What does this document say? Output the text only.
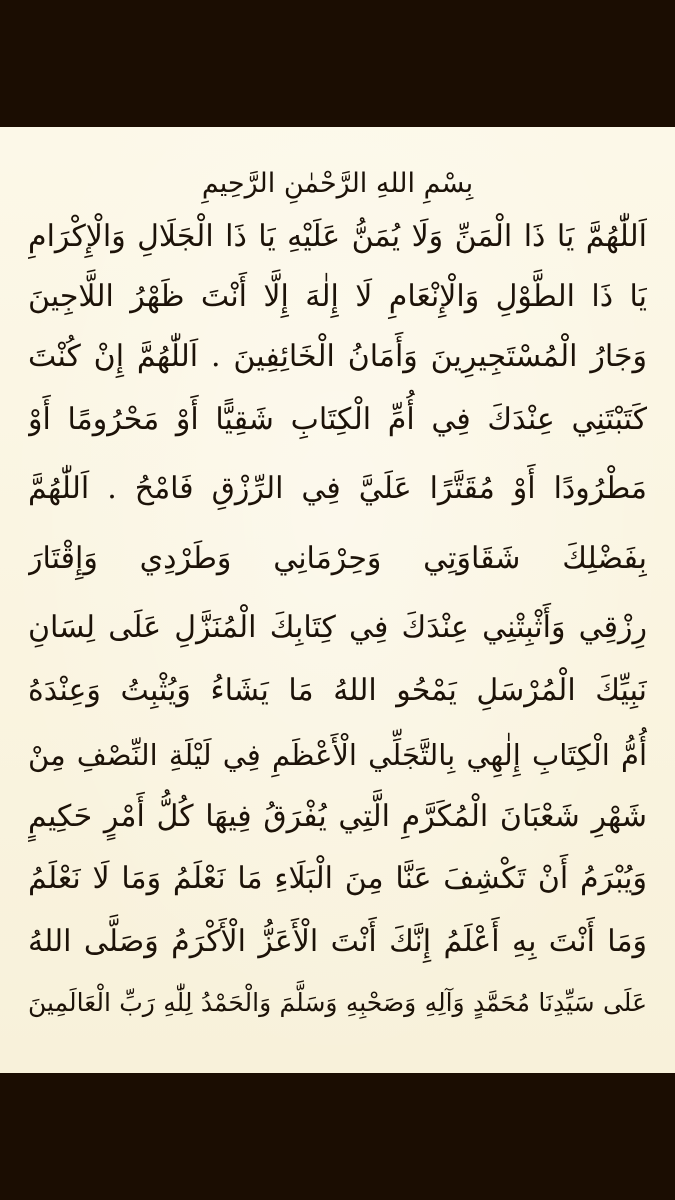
بِسْمِ اللهِ الرَّحْمٰنِ الرَّحِيمِ
اَللّٰهُمَّ يَا ذَا الْمَنِّ وَلَا يُمَنُّ عَلَيْهِ يَا ذَا الْجَلَالِ وَالْإِكْرَامِ
يَا ذَا الطَّوْلِ وَالْإِنْعَامِ لَا إِلٰهَ إِلَّا أَنْتَ ظَهْرُ اللَّاجِينَ
وَجَارُ الْمُسْتَجِيرِينَ وَأَمَانُ الْخَائِفِينَ . اَللّٰهُمَّ إِنْ كُنْتَ
كَتَبْتَنِي عِنْدَكَ فِي أُمِّ الْكِتَابِ شَقِيًّا أَوْ مَحْرُومًا أَوْ
مَطْرُودًا أَوْ مُقَتَّرًا عَلَيَّ فِي الرِّزْقِ فَامْحُ . اَللّٰهُمَّ
بِفَضْلِكَ شَقَاوَتِي وَحِرْمَانِي وَطَرْدِي وَإِقْتَارَ
رِزْقِي وَأَثْبِتْنِي عِنْدَكَ فِي كِتَابِكَ الْمُنَزَّلِ عَلَى لِسَانِ
نَبِيِّكَ الْمُرْسَلِ يَمْحُو اللهُ مَا يَشَاءُ وَيُثْبِتُ وَعِنْدَهُ
أُمُّ الْكِتَابِ إِلٰهِي بِالتَّجَلِّي الْأَعْظَمِ فِي لَيْلَةِ النِّصْفِ مِنْ
شَهْرِ شَعْبَانَ الْمُكَرَّمِ الَّتِي يُفْرَقُ فِيهَا كُلُّ أَمْرٍ حَكِيمٍ
وَيُبْرَمُ أَنْ تَكْشِفَ عَنَّا مِنَ الْبَلَاءِ مَا نَعْلَمُ وَمَا لَا نَعْلَمُ
وَمَا أَنْتَ بِهِ أَعْلَمُ إِنَّكَ أَنْتَ الْأَعَزُّ الْأَكْرَمُ وَصَلَّى اللهُ
عَلَى سَيِّدِنَا مُحَمَّدٍ وَآلِهِ وَصَحْبِهِ وَسَلَّمَ وَالْحَمْدُ لِلّٰهِ رَبِّ الْعَالَمِينَ
